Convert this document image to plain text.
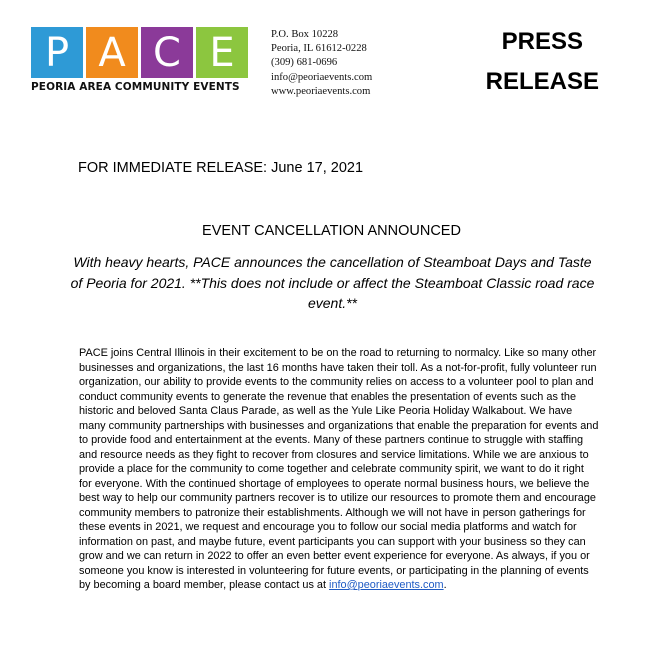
P A C E
PEORIA AREA COMMUNITY EVENTS
P.O. Box 10228
Peoria, IL 61612-0228
(309) 681-0696
info@peoriaevents.com
www.peoriaevents.com
PRESS
RELEASE
FOR IMMEDIATE RELEASE: June 17, 2021
EVENT CANCELLATION ANNOUNCED
With heavy hearts, PACE announces the cancellation of Steamboat Days and Taste of Peoria for 2021. **This does not include or affect the Steamboat Classic road race event.**
PACE joins Central Illinois in their excitement to be on the road to returning to normalcy. Like so many other businesses and organizations, the last 16 months have taken their toll. As a not-for-profit, fully volunteer run organization, our ability to provide events to the community relies on access to a volunteer pool to plan and conduct community events to generate the revenue that enables the presentation of events such as the historic and beloved Santa Claus Parade, as well as the Yule Like Peoria Holiday Walkabout. We have many community partnerships with businesses and organizations that enable the preparation for events and to provide food and entertainment at the events. Many of these partners continue to struggle with staffing and resource needs as they fight to recover from closures and service limitations. While we are anxious to provide a place for the community to come together and celebrate community spirit, we want to do it right for everyone. With the continued shortage of employees to operate normal business hours, we believe the best way to help our community partners recover is to utilize our resources to promote them and encourage community members to patronize their establishments. Although we will not have in person gatherings for these events in 2021, we request and encourage you to follow our social media platforms and watch for information on past, and maybe future, event participants you can support with your business so they can grow and we can return in 2022 to offer an even better event experience for everyone. As always, if you or someone you know is interested in volunteering for future events, or participating in the planning of events by becoming a board member, please contact us at info@peoriaevents.com.
